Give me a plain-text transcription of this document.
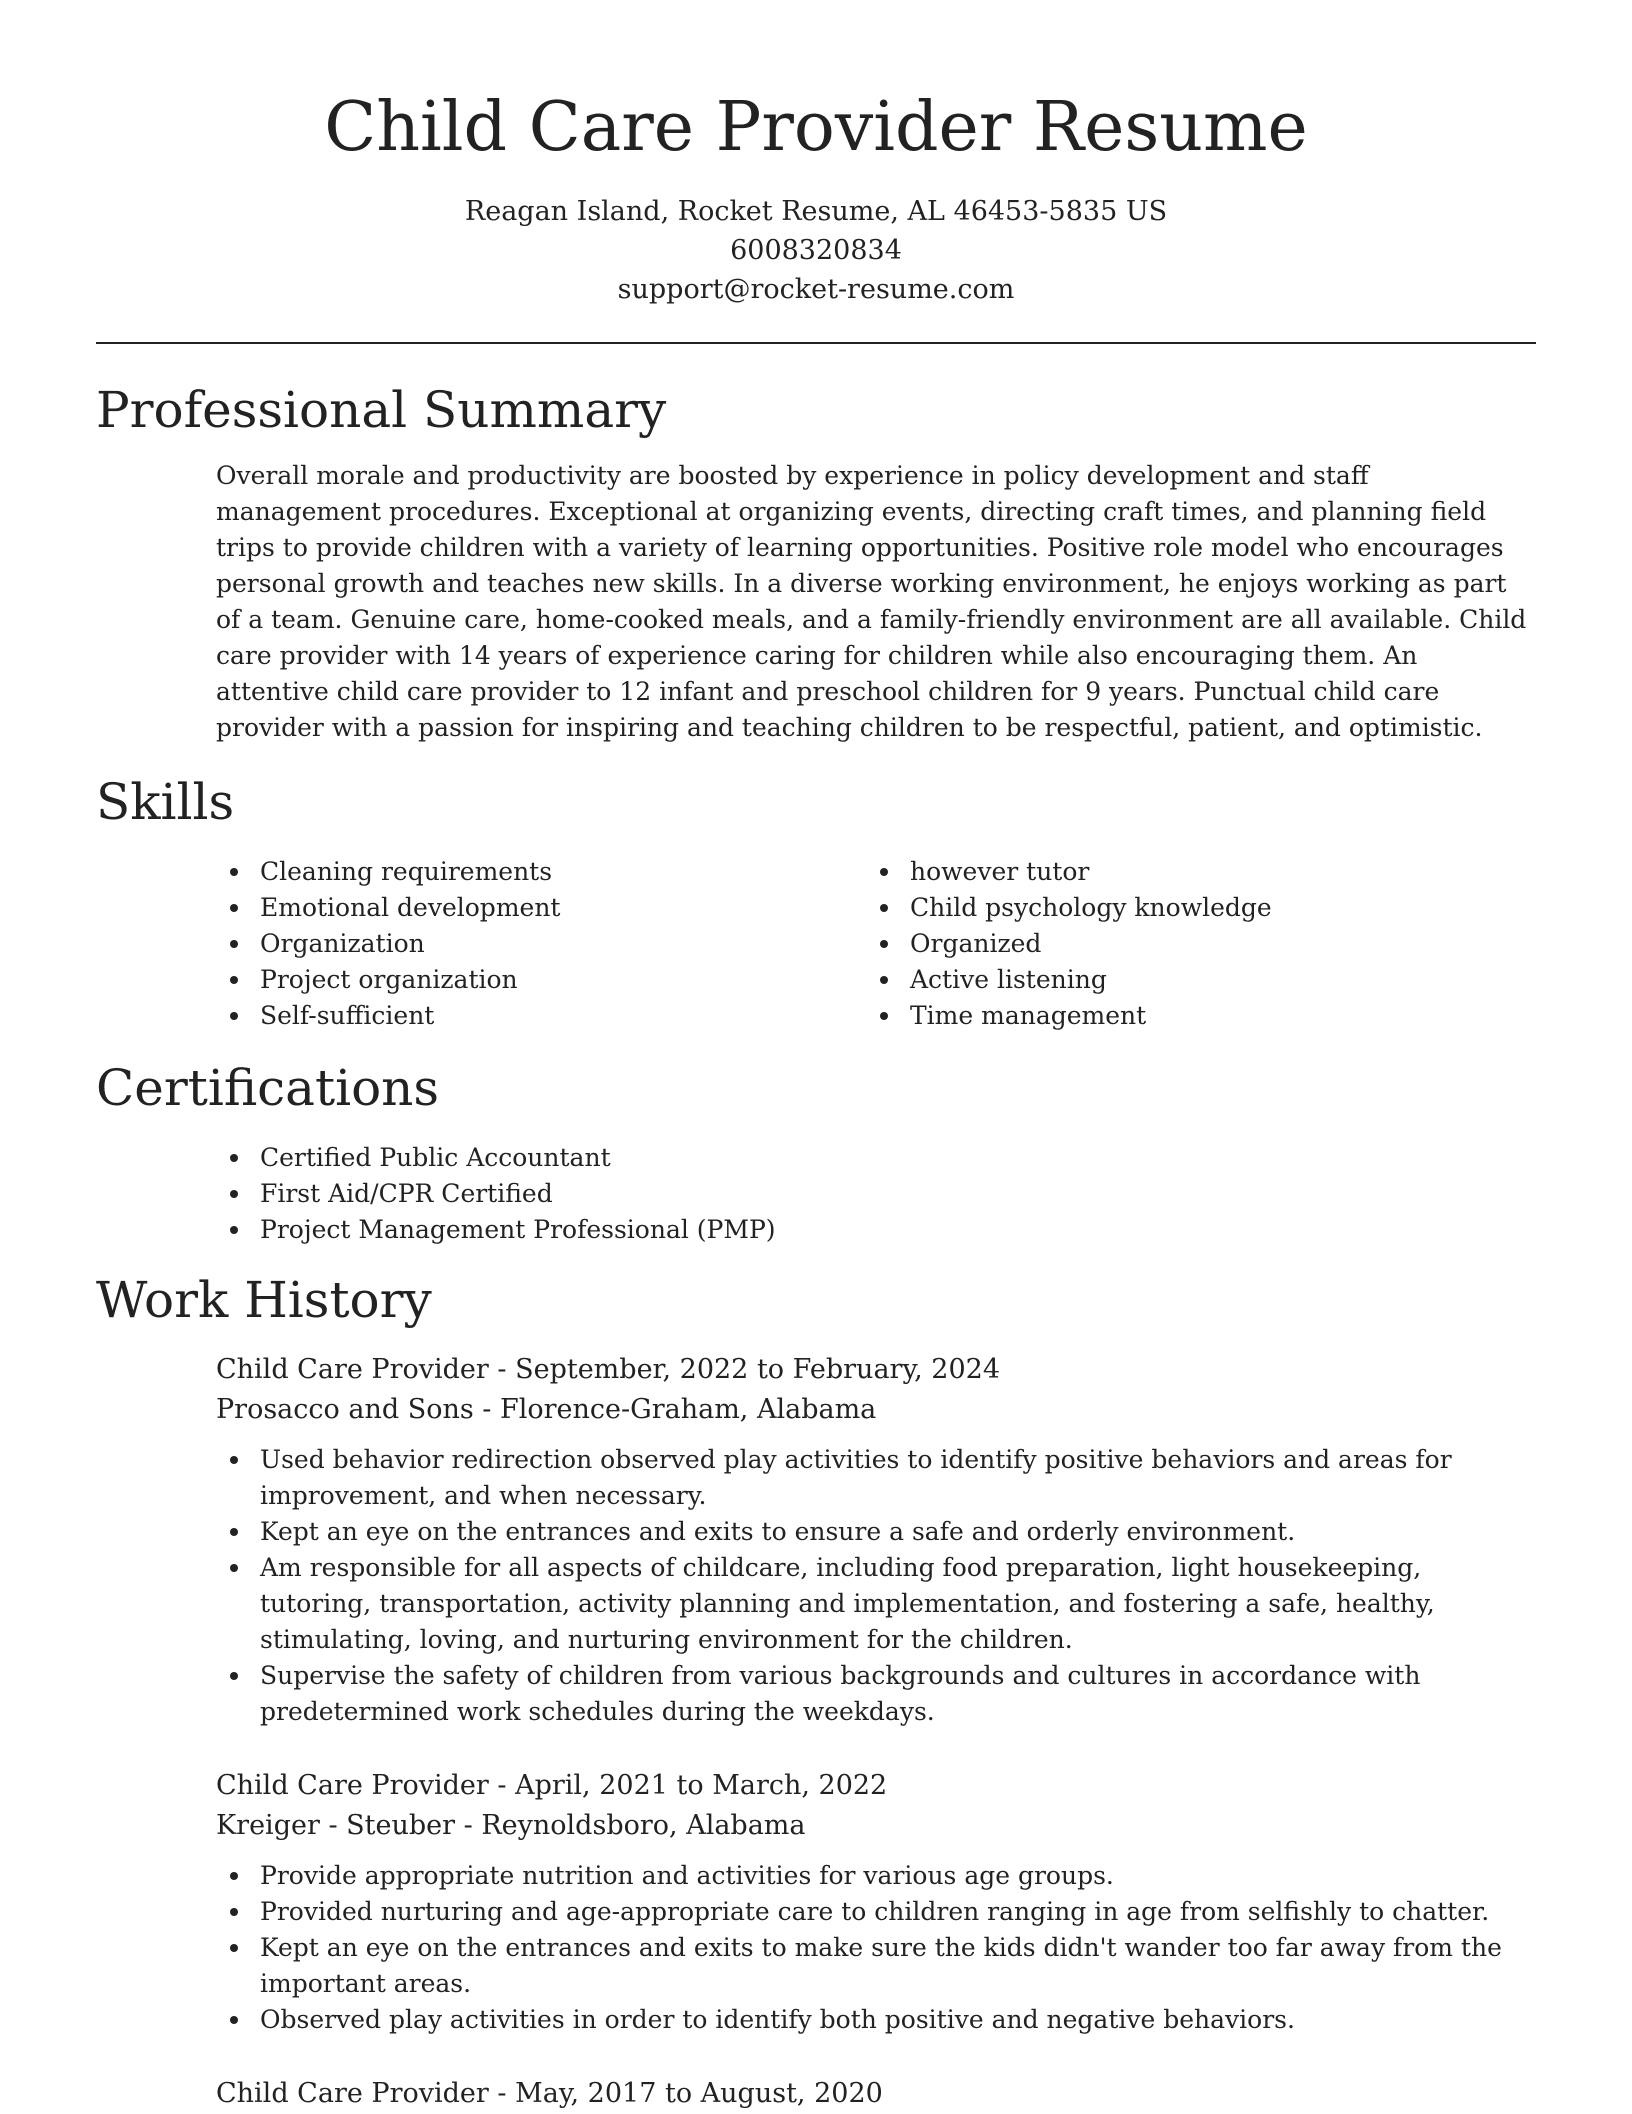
Child Care Provider Resume
Reagan Island, Rocket Resume, AL 46453-5835 US
6008320834
support@rocket-resume.com
Professional Summary

Overall morale and productivity are boosted by experience in policy development and staff management procedures. Exceptional at organizing events, directing craft times, and planning field trips to provide children with a variety of learning opportunities. Positive role model who encourages personal growth and teaches new skills. In a diverse working environment, he enjoys working as part of a team. Genuine care, home-cooked meals, and a family-friendly environment are all available. Child care provider with 14 years of experience caring for children while also encouraging them. An attentive child care provider to 12 infant and preschool children for 9 years. Punctual child care provider with a passion for inspiring and teaching children to be respectful, patient, and optimistic.

Skills
Cleaning requirements
Emotional development
Organization
Project organization
Self-sufficient
however tutor
Child psychology knowledge
Organized
Active listening
Time management
Certifications
Certified Public Accountant
First Aid/CPR Certified
Project Management Professional (PMP)
Work History
Child Care Provider - September, 2022 to February, 2024
Prosacco and Sons - Florence-Graham, Alabama
Used behavior redirection observed play activities to identify positive behaviors and areas for improvement, and when necessary.
Kept an eye on the entrances and exits to ensure a safe and orderly environment.
Am responsible for all aspects of childcare, including food preparation, light housekeeping, tutoring, transportation, activity planning and implementation, and fostering a safe, healthy, stimulating, loving, and nurturing environment for the children.
Supervise the safety of children from various backgrounds and cultures in accordance with predetermined work schedules during the weekdays.
Child Care Provider - April, 2021 to March, 2022
Kreiger - Steuber - Reynoldsboro, Alabama
Provide appropriate nutrition and activities for various age groups.
Provided nurturing and age-appropriate care to children ranging in age from selfishly to chatter.
Kept an eye on the entrances and exits to make sure the kids didn't wander too far away from the important areas.
Observed play activities in order to identify both positive and negative behaviors.
Child Care Provider - May, 2017 to August, 2020
